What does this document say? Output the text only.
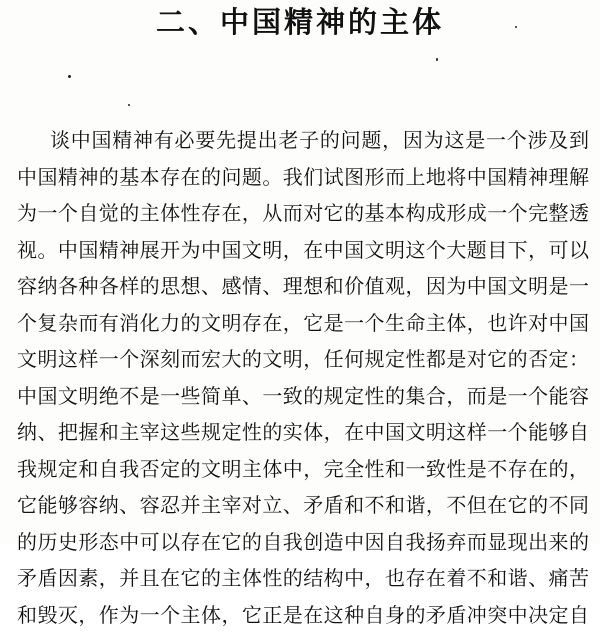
二、中国精神的主体
谈中国精神有必要先提出老子的问题，因为这是一个涉及到
中国精神的基本存在的问题。我们试图形而上地将中国精神理解
为一个自觉的主体性存在，从而对它的基本构成形成一个完整透
视。中国精神展开为中国文明，在中国文明这个大题目下，可以
容纳各种各样的思想、感情、理想和价值观，因为中国文明是一
个复杂而有消化力的文明存在，它是一个生命主体，也许对中国
文明这样一个深刻而宏大的文明，任何规定性都是对它的否定：
中国文明绝不是一些简单、一致的规定性的集合，而是一个能容
纳、把握和主宰这些规定性的实体，在中国文明这样一个能够自
我规定和自我否定的文明主体中，完全性和一致性是不存在的，
它能够容纳、容忍并主宰对立、矛盾和不和谐，不但在它的不同
的历史形态中可以存在它的自我创造中因自我扬弃而显现出来的
矛盾因素，并且在它的主体性的结构中，也存在着不和谐、痛苦
和毁灭，作为一个主体，它正是在这种自身的矛盾冲突中决定自
